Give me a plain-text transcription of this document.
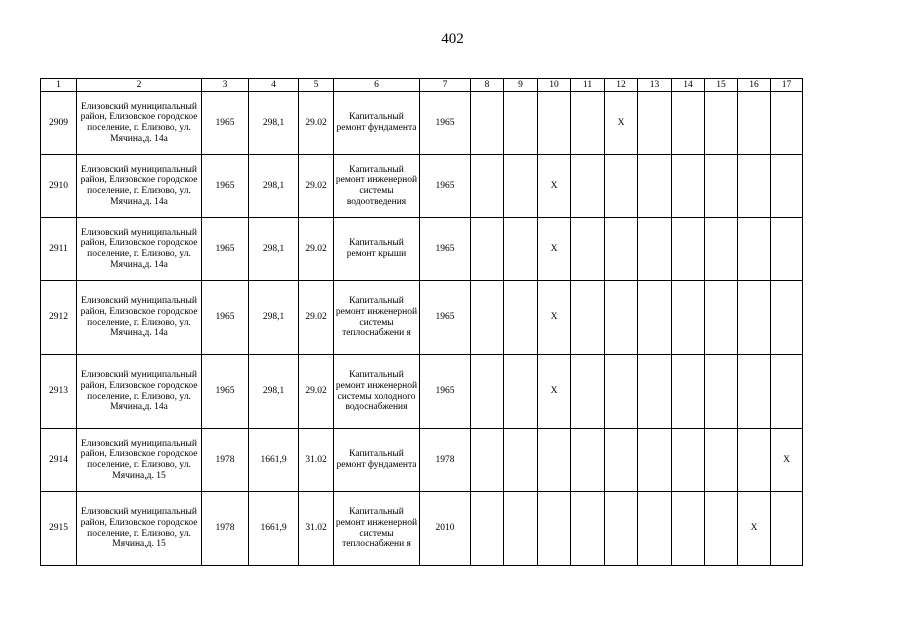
402
1	2	3	4	5	6	7	8	9	10	11	12	13	14	15	16	17
2909	Елизовский муниципальный район, Елизовское городское поселение, г. Елизово, ул. Мячина,д. 14а	1965	298,1	29.02	Капитальный ремонт фундамента	1965					Х					
2910	Елизовский муниципальный район, Елизовское городское поселение, г. Елизово, ул. Мячина,д. 14а	1965	298,1	29.02	Капитальный ремонт инженерной системы водоотведения	1965			Х							
2911	Елизовский муниципальный район, Елизовское городское поселение, г. Елизово, ул. Мячина,д. 14а	1965	298,1	29.02	Капитальный ремонт крыши	1965			Х							
2912	Елизовский муниципальный район, Елизовское городское поселение, г. Елизово, ул. Мячина,д. 14а	1965	298,1	29.02	Капитальный ремонт инженерной системы теплоснабжени я	1965			Х							
2913	Елизовский муниципальный район, Елизовское городское поселение, г. Елизово, ул. Мячина,д. 14а	1965	298,1	29.02	Капитальный ремонт инженерной системы холодного водоснабжения	1965			Х							
2914	Елизовский муниципальный район, Елизовское городское поселение, г. Елизово, ул. Мячина,д. 15	1978	1661,9	31.02	Капитальный ремонт фундамента	1978										Х
2915	Елизовский муниципальный район, Елизовское городское поселение, г. Елизово, ул. Мячина,д. 15	1978	1661,9	31.02	Капитальный ремонт инженерной системы теплоснабжени я	2010									Х	
